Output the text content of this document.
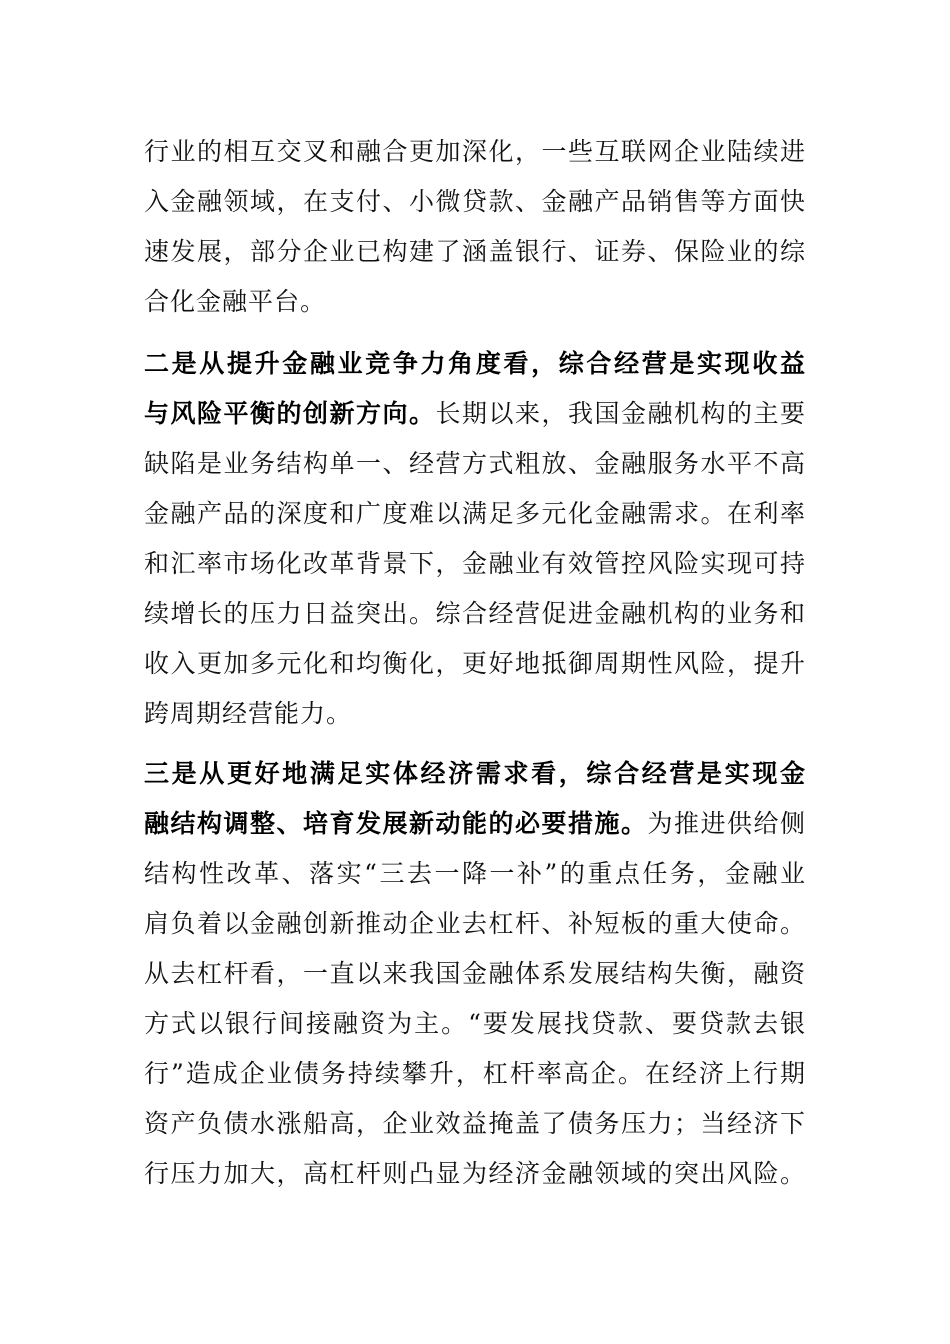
行业的相互交叉和融合更加深化，一些互联网企业陆续进
入金融领域，在支付、小微贷款、金融产品销售等方面快
速发展，部分企业已构建了涵盖银行、证券、保险业的综
合化金融平台。
二是从提升金融业竞争力角度看，综合经营是实现收益
与风险平衡的创新方向。长期以来，我国金融机构的主要
缺陷是业务结构单一、经营方式粗放、金融服务水平不高
金融产品的深度和广度难以满足多元化金融需求。在利率
和汇率市场化改革背景下，金融业有效管控风险实现可持
续增长的压力日益突出。综合经营促进金融机构的业务和
收入更加多元化和均衡化，更好地抵御周期性风险，提升
跨周期经营能力。
三是从更好地满足实体经济需求看，综合经营是实现金
融结构调整、培育发展新动能的必要措施。为推进供给侧
结构性改革、落实“三去一降一补”的重点任务，金融业
肩负着以金融创新推动企业去杠杆、补短板的重大使命。
从去杠杆看，一直以来我国金融体系发展结构失衡，融资
方式以银行间接融资为主。“要发展找贷款、要贷款去银
行”造成企业债务持续攀升，杠杆率高企。在经济上行期
资产负债水涨船高，企业效益掩盖了债务压力；当经济下
行压力加大，高杠杆则凸显为经济金融领域的突出风险。
